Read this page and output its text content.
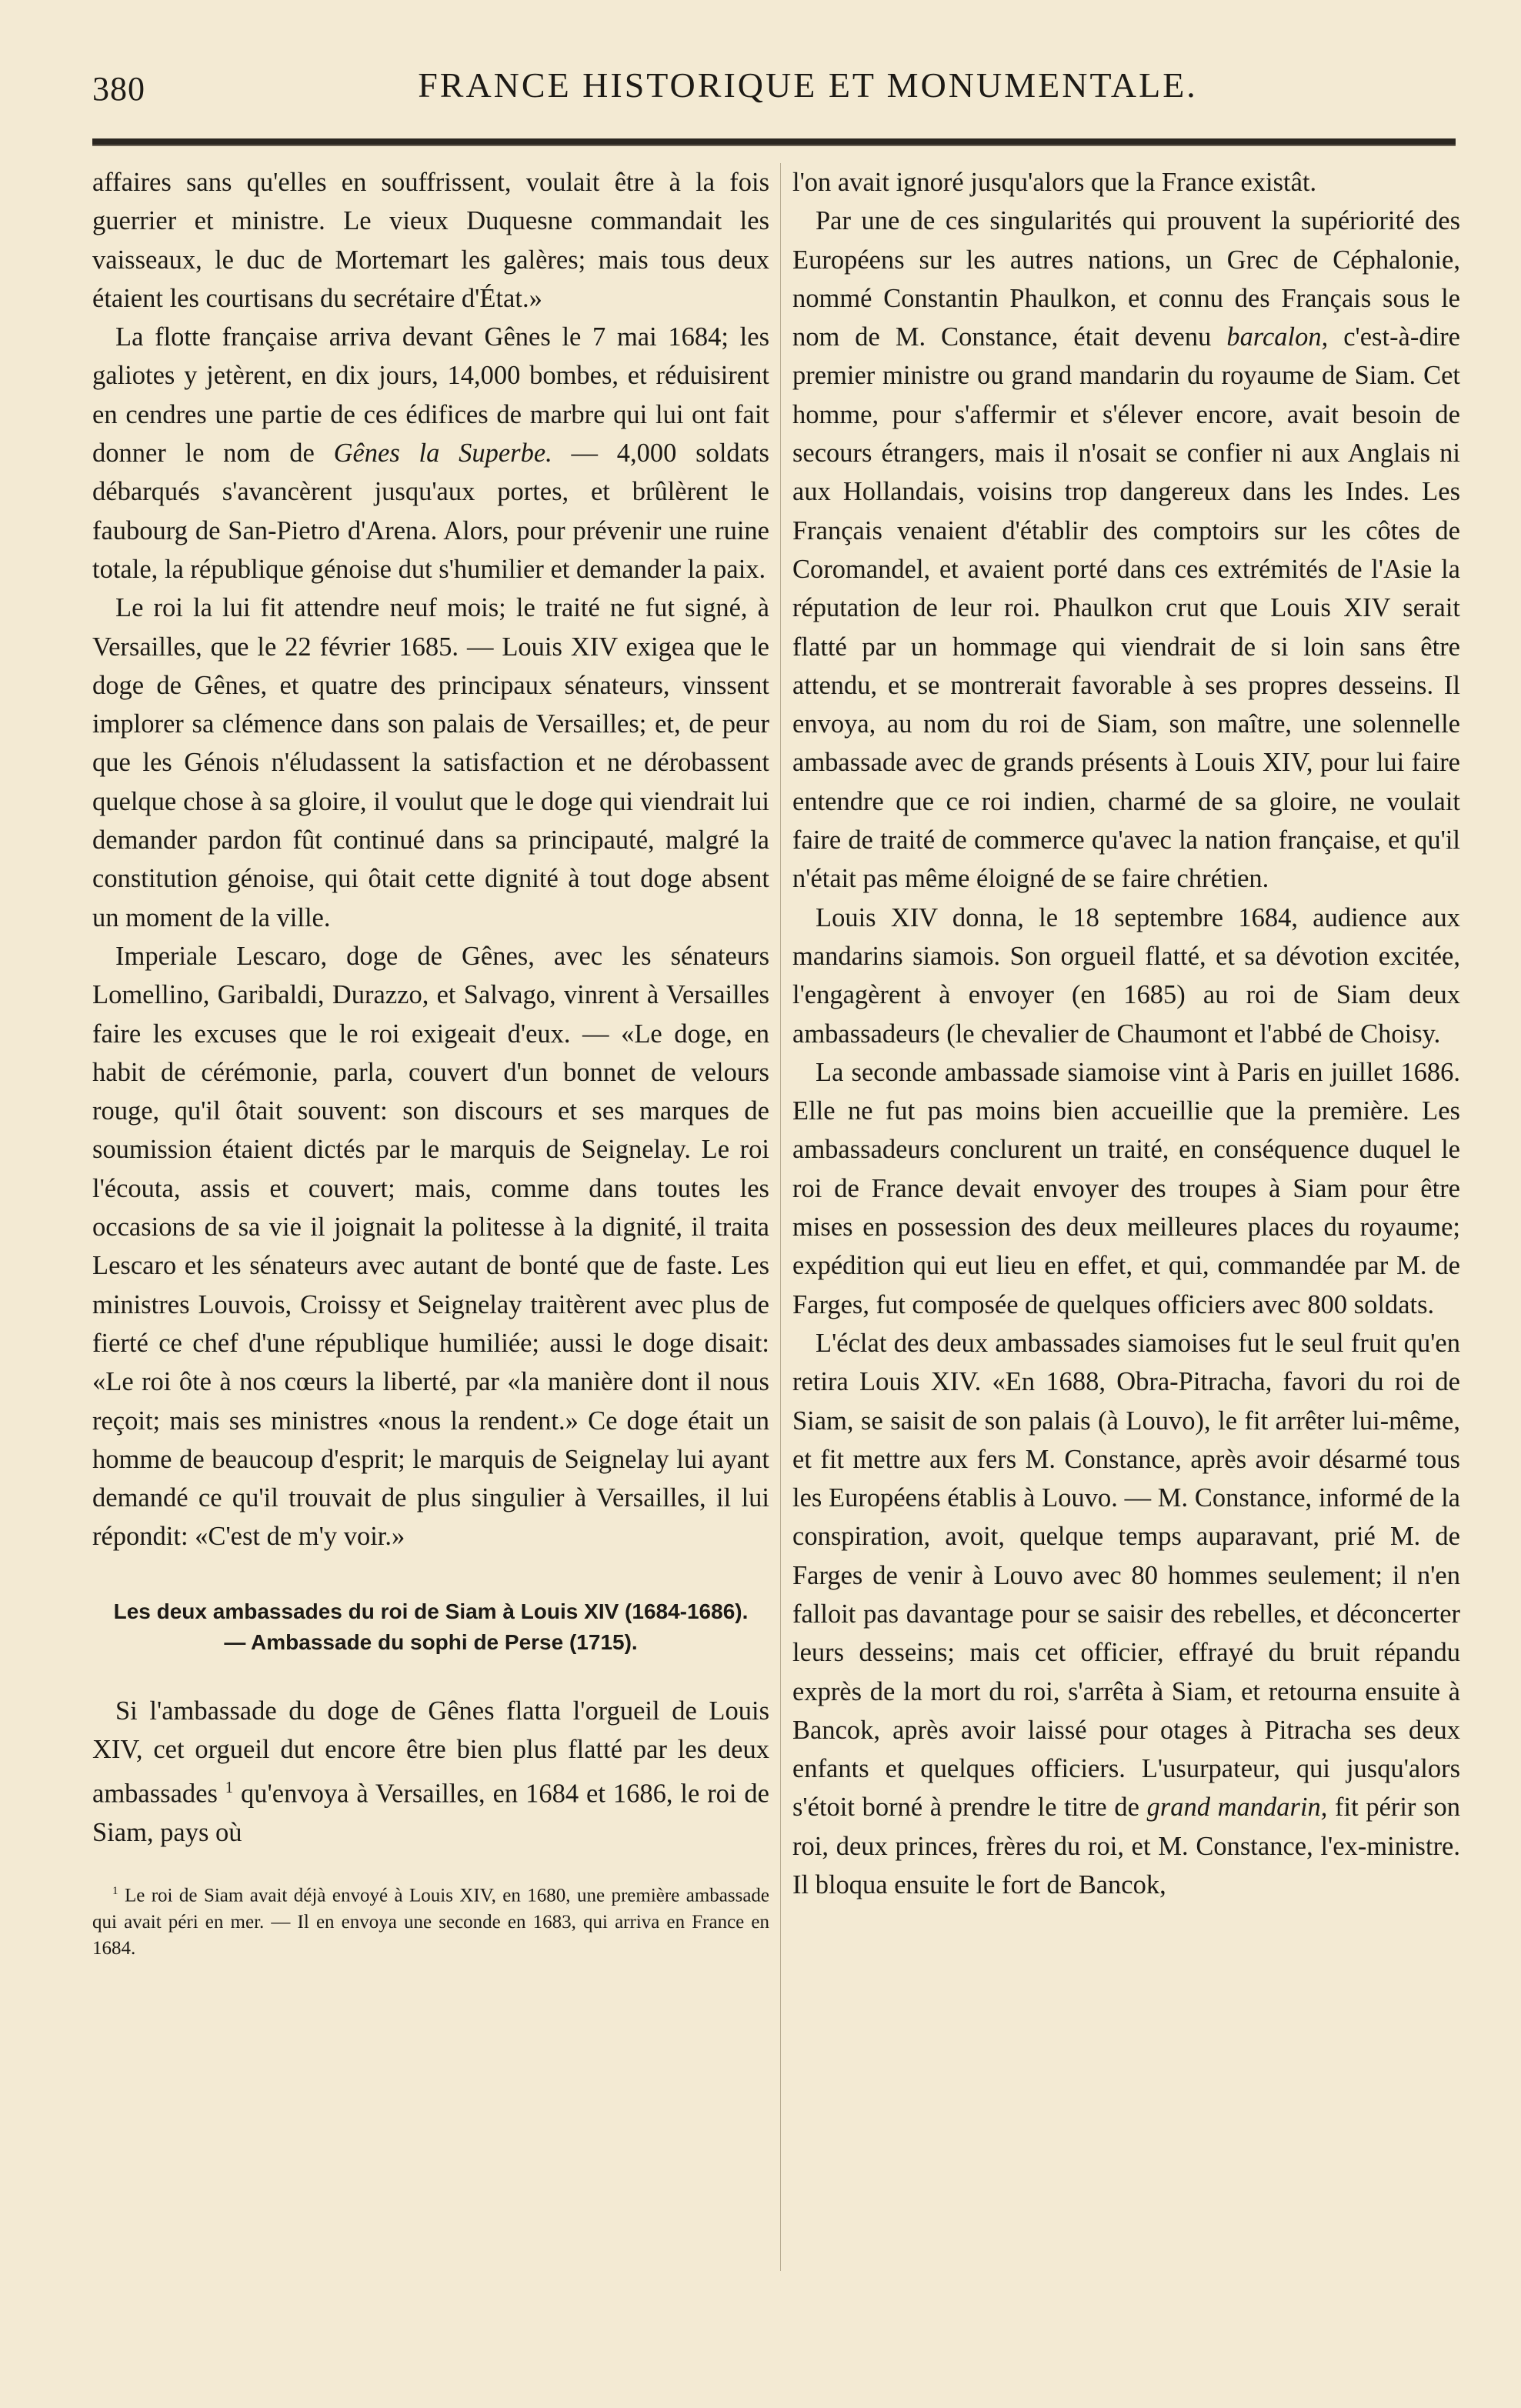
380	FRANCE HISTORIQUE ET MONUMENTALE.

affaires sans qu'elles en souffrissent, voulait être à la fois guerrier et ministre. Le vieux Duquesne commandait les vaisseaux, le duc de Mortemart les galères; mais tous deux étaient les courtisans du secrétaire d'État.»

La flotte française arriva devant Gênes le 7 mai 1684; les galiotes y jetèrent, en dix jours, 14,000 bombes, et réduisirent en cendres une partie de ces édifices de marbre qui lui ont fait donner le nom de Gênes la Superbe. — 4,000 soldats débarqués s'avancèrent jusqu'aux portes, et brûlèrent le faubourg de San-Pietro d'Arena. Alors, pour prévenir une ruine totale, la république génoise dut s'humilier et demander la paix.

Le roi la lui fit attendre neuf mois; le traité ne fut signé, à Versailles, que le 22 février 1685. — Louis XIV exigea que le doge de Gênes, et quatre des principaux sénateurs, vinssent implorer sa clémence dans son palais de Versailles; et, de peur que les Génois n'éludassent la satisfaction et ne dérobassent quelque chose à sa gloire, il voulut que le doge qui viendrait lui demander pardon fût continué dans sa principauté, malgré la constitution génoise, qui ôtait cette dignité à tout doge absent un moment de la ville.

Imperiale Lescaro, doge de Gênes, avec les sénateurs Lomellino, Garibaldi, Durazzo, et Salvago, vinrent à Versailles faire les excuses que le roi exigeait d'eux. — «Le doge, en habit de cérémonie, parla, couvert d'un bonnet de velours rouge, qu'il ôtait souvent: son discours et ses marques de soumission étaient dictés par le marquis de Seignelay. Le roi l'écouta, assis et couvert; mais, comme dans toutes les occasions de sa vie il joignait la politesse à la dignité, il traita Lescaro et les sénateurs avec autant de bonté que de faste. Les ministres Louvois, Croissy et Seignelay traitèrent avec plus de fierté ce chef d'une république humiliée; aussi le doge disait: «Le roi ôte à nos cœurs la liberté, par «la manière dont il nous reçoit; mais ses ministres «nous la rendent.» Ce doge était un homme de beaucoup d'esprit; le marquis de Seignelay lui ayant demandé ce qu'il trouvait de plus singulier à Versailles, il lui répondit: «C'est de m'y voir.»

Les deux ambassades du roi de Siam à Louis XIV (1684-1686).
— Ambassade du sophi de Perse (1715).

Si l'ambassade du doge de Gênes flatta l'orgueil de Louis XIV, cet orgueil dut encore être bien plus flatté par les deux ambassades $^1$ qu'envoya à Versailles, en 1684 et 1686, le roi de Siam, pays où

$^1$ Le roi de Siam avait déjà envoyé à Louis XIV, en 1680, une première ambassade qui avait péri en mer. — Il en envoya une seconde en 1683, qui arriva en France en 1684.

l'on avait ignoré jusqu'alors que la France existât.

Par une de ces singularités qui prouvent la supériorité des Européens sur les autres nations, un Grec de Céphalonie, nommé Constantin Phaulkon, et connu des Français sous le nom de M. Constance, était devenu barcalon, c'est-à-dire premier ministre ou grand mandarin du royaume de Siam. Cet homme, pour s'affermir et s'élever encore, avait besoin de secours étrangers, mais il n'osait se confier ni aux Anglais ni aux Hollandais, voisins trop dangereux dans les Indes. Les Français venaient d'établir des comptoirs sur les côtes de Coromandel, et avaient porté dans ces extrémités de l'Asie la réputation de leur roi. Phaulkon crut que Louis XIV serait flatté par un hommage qui viendrait de si loin sans être attendu, et se montrerait favorable à ses propres desseins. Il envoya, au nom du roi de Siam, son maître, une solennelle ambassade avec de grands présents à Louis XIV, pour lui faire entendre que ce roi indien, charmé de sa gloire, ne voulait faire de traité de commerce qu'avec la nation française, et qu'il n'était pas même éloigné de se faire chrétien.

Louis XIV donna, le 18 septembre 1684, audience aux mandarins siamois. Son orgueil flatté, et sa dévotion excitée, l'engagèrent à envoyer (en 1685) au roi de Siam deux ambassadeurs (le chevalier de Chaumont et l'abbé de Choisy.

La seconde ambassade siamoise vint à Paris en juillet 1686. Elle ne fut pas moins bien accueillie que la première. Les ambassadeurs conclurent un traité, en conséquence duquel le roi de France devait envoyer des troupes à Siam pour être mises en possession des deux meilleures places du royaume; expédition qui eut lieu en effet, et qui, commandée par M. de Farges, fut composée de quelques officiers avec 800 soldats.

L'éclat des deux ambassades siamoises fut le seul fruit qu'en retira Louis XIV. «En 1688, Obra-Pitracha, favori du roi de Siam, se saisit de son palais (à Louvo), le fit arrêter lui-même, et fit mettre aux fers M. Constance, après avoir désarmé tous les Européens établis à Louvo. — M. Constance, informé de la conspiration, avoit, quelque temps auparavant, prié M. de Farges de venir à Louvo avec 80 hommes seulement; il n'en falloit pas davantage pour se saisir des rebelles, et déconcerter leurs desseins; mais cet officier, effrayé du bruit répandu exprès de la mort du roi, s'arrêta à Siam, et retourna ensuite à Bancok, après avoir laissé pour otages à Pitracha ses deux enfants et quelques officiers. L'usurpateur, qui jusqu'alors s'étoit borné à prendre le titre de grand mandarin, fit périr son roi, deux princes, frères du roi, et M. Constance, l'ex-ministre. Il bloqua ensuite le fort de Bancok,
